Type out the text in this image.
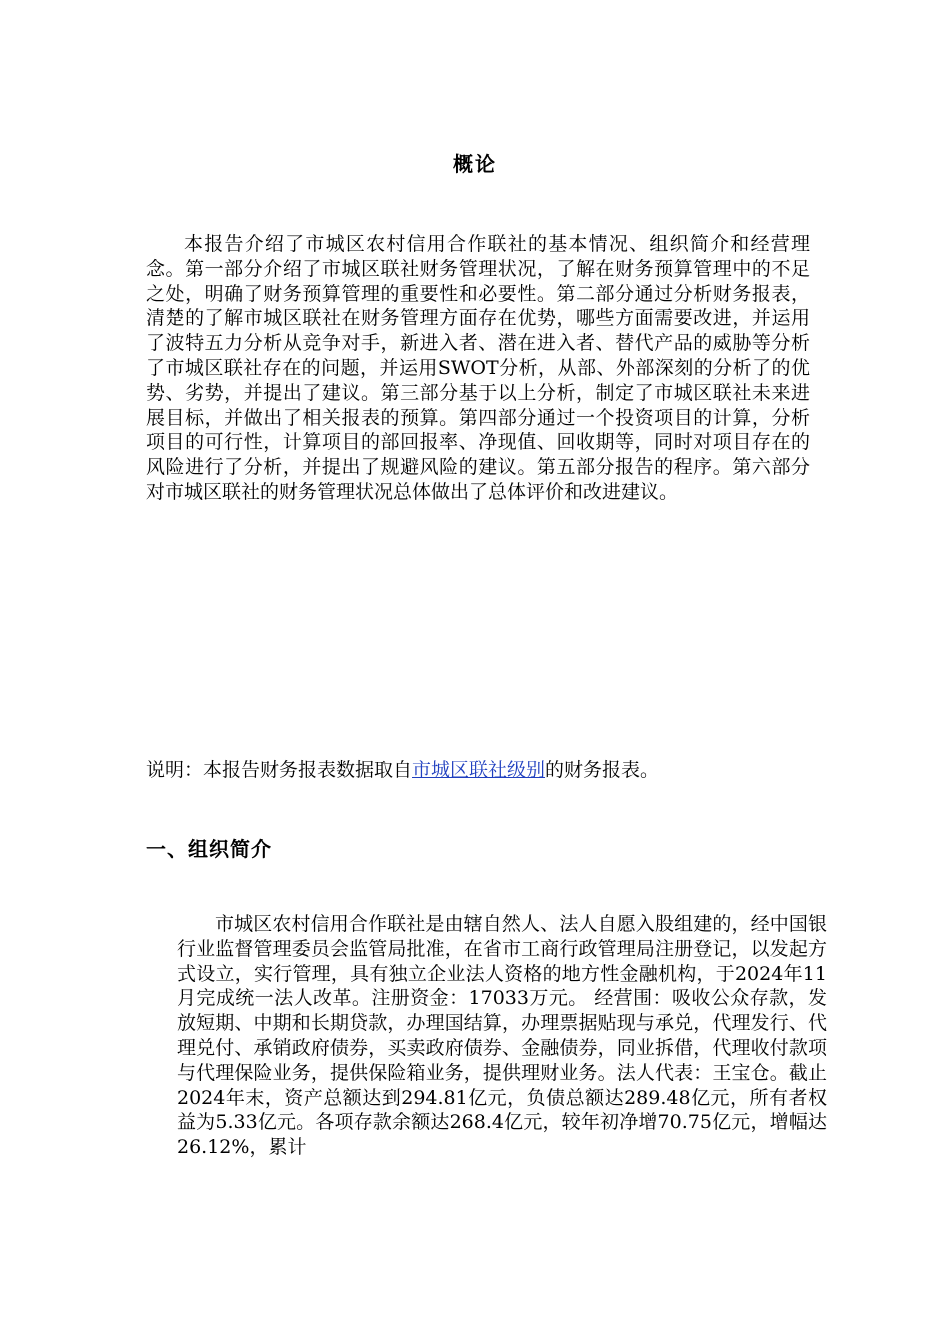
概论

本报告介绍了市城区农村信用合作联社的基本情况、组织简介和经营理念。第一部分介绍了市城区联社财务管理状况，了解在财务预算管理中的不足之处，明确了财务预算管理的重要性和必要性。第二部分通过分析财务报表，清楚的了解市城区联社在财务管理方面存在优势，哪些方面需要改进，并运用了波特五力分析从竞争对手，新进入者、潜在进入者、替代产品的威胁等分析了市城区联社存在的问题，并运用SWOT分析，从部、外部深刻的分析了的优势、劣势，并提出了建议。第三部分基于以上分析，制定了市城区联社未来进展目标，并做出了相关报表的预算。第四部分通过一个投资项目的计算，分析项目的可行性，计算项目的部回报率、净现值、回收期等，同时对项目存在的风险进行了分析，并提出了规避风险的建议。第五部分报告的程序。第六部分对市城区联社的财务管理状况总体做出了总体评价和改进建议。

说明：本报告财务报表数据取自市城区联社级别的财务报表。

一、组织简介

市城区农村信用合作联社是由辖自然人、法人自愿入股组建的，经中国银行业监督管理委员会监管局批准，在省市工商行政管理局注册登记，以发起方式设立，实行管理，具有独立企业法人资格的地方性金融机构，于2024年11月完成统一法人改革。注册资金：17033万元。 经营围：吸收公众存款，发放短期、中期和长期贷款，办理国结算，办理票据贴现与承兑，代理发行、代理兑付、承销政府债券，买卖政府债券、金融债券，同业拆借，代理收付款项与代理保险业务，提供保险箱业务，提供理财业务。法人代表：王宝仓。截止2024年末，资产总额达到294.81亿元，负债总额达289.48亿元，所有者权益为5.33亿元。各项存款余额达268.4亿元，较年初净增70.75亿元，增幅达26.12%，累计
